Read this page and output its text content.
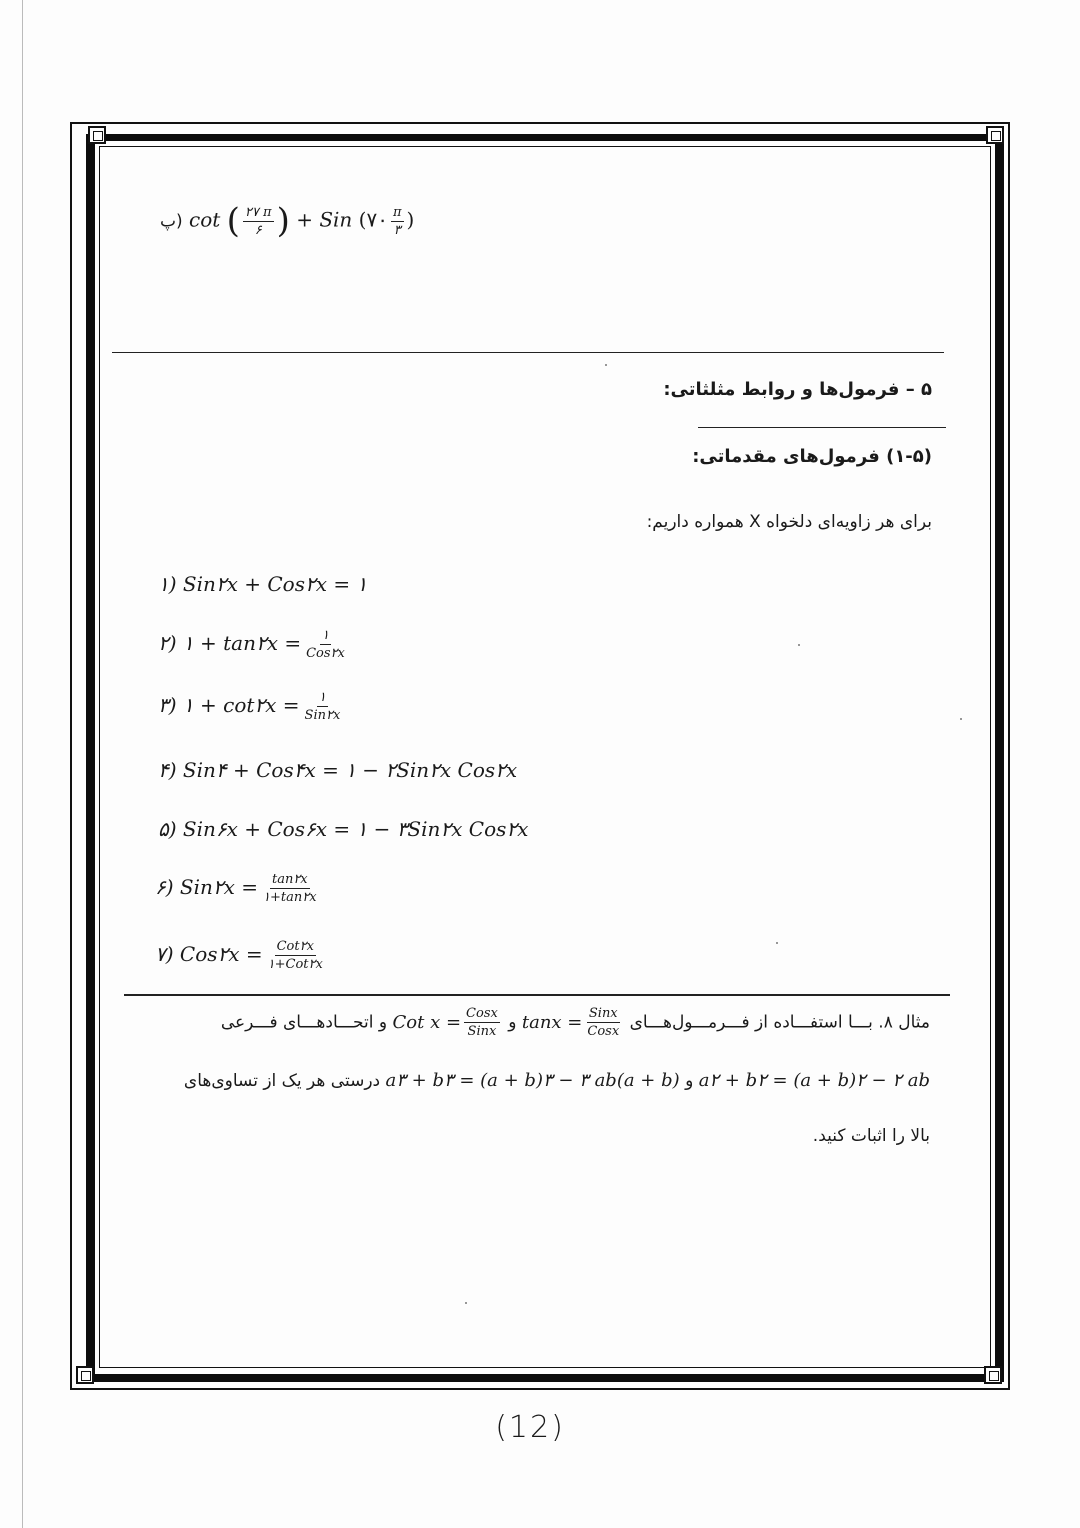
پ) cot ( $\frac{۲۷ \pi}{۶}$ ) + Sin (۷۰ $\frac{\pi}{۳}$ )
۵ – فرمول‌ها و روابط مثلثاتی:
(۱-۵) فرمول‌های مقدماتی:
برای هر زاویه‌ای دلخواه X همواره داریم:
۱) Sin۲x + Cos۲x = ۱
۲) ۱ + tan۲x = $\frac{۱}{\text{Cos۲x}}$
۳) ۱ + cot۲x = $\frac{۱}{\text{Sin۲x}}$
۴) Sin۴ + Cos۴x = ۱ − ۲Sin۲x Cos۲x
۵) Sin۶x + Cos۶x = ۱ − ۳Sin۲x Cos۲x
۶) Sin۲x = $\frac{\tan ۲x}{۱+\tan ۲x}$
۷) Cos۲x = $\frac{\text{Cot۲x}}{\text{۱+Cot۲x}}$
مثال ۸. بـــا استفـــاده از فـــرمـــول‌هـــای $\tan x = \frac{\text{Sinx}}{\text{Cosx}}$
و Cot $x = \frac{\text{Cosx}}{\text{Sinx}}$
و اتحـــادهـــای فـــرعی
a۲ + b۲ = (a + b)۲ − ۲ ab و a۳ + b۳ = (a + b)۳ − ۳ ab(a + b) درستی هر یک از تساوی‌های
بالا را اثبات کنید.
(12)
